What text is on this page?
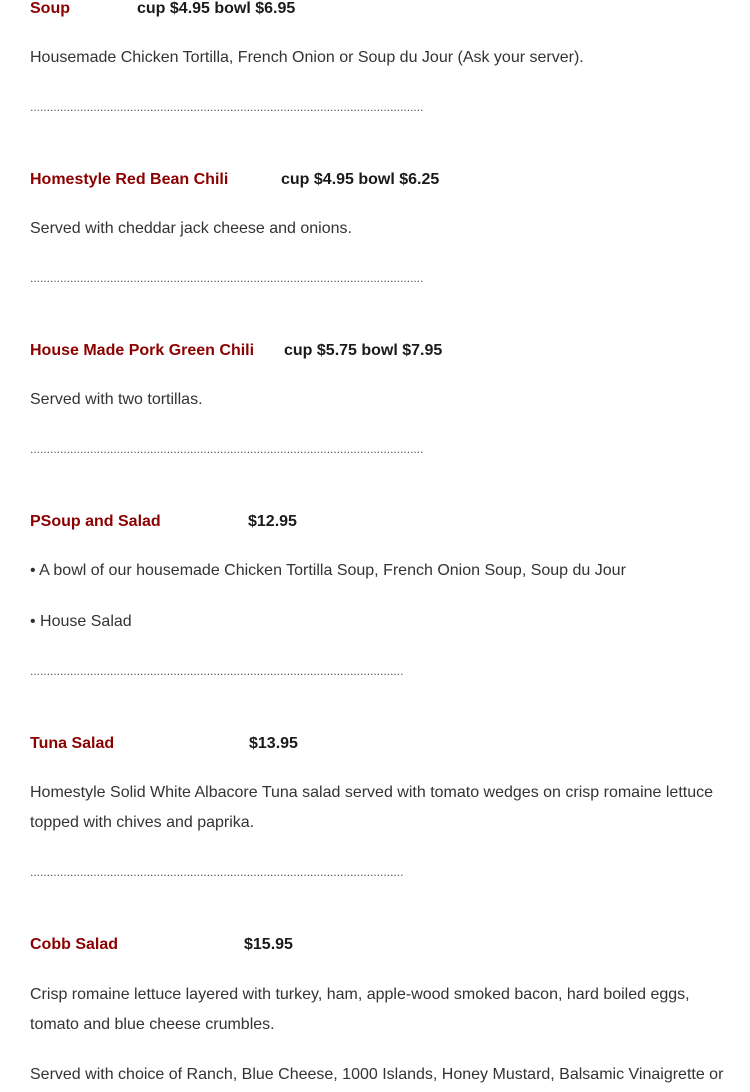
Soup	cup $4.95 bowl $6.95
Housemade Chicken Tortilla, French Onion or Soup du Jour (Ask your server).
......................................................................................................................
Homestyle Red Bean Chili	cup $4.95 bowl $6.25
Served with cheddar jack cheese and onions.
......................................................................................................................
House Made Pork Green Chili cup $5.75 bowl $7.95
Served with two tortillas.
......................................................................................................................
PSoup and Salad	$12.95
• A bowl of our housemade Chicken Tortilla Soup, French Onion Soup, Soup du Jour
• House Salad
................................................................................................................
Tuna Salad	$13.95
Homestyle Solid White Albacore Tuna salad served with tomato wedges on crisp romaine lettuce topped with chives and paprika.
................................................................................................................
Cobb Salad	$15.95
Crisp romaine lettuce layered with turkey, ham, apple-wood smoked bacon, hard boiled eggs, tomato and blue cheese crumbles.
Served with choice of Ranch, Blue Cheese, 1000 Islands, Honey Mustard, Balsamic Vinaigrette or
